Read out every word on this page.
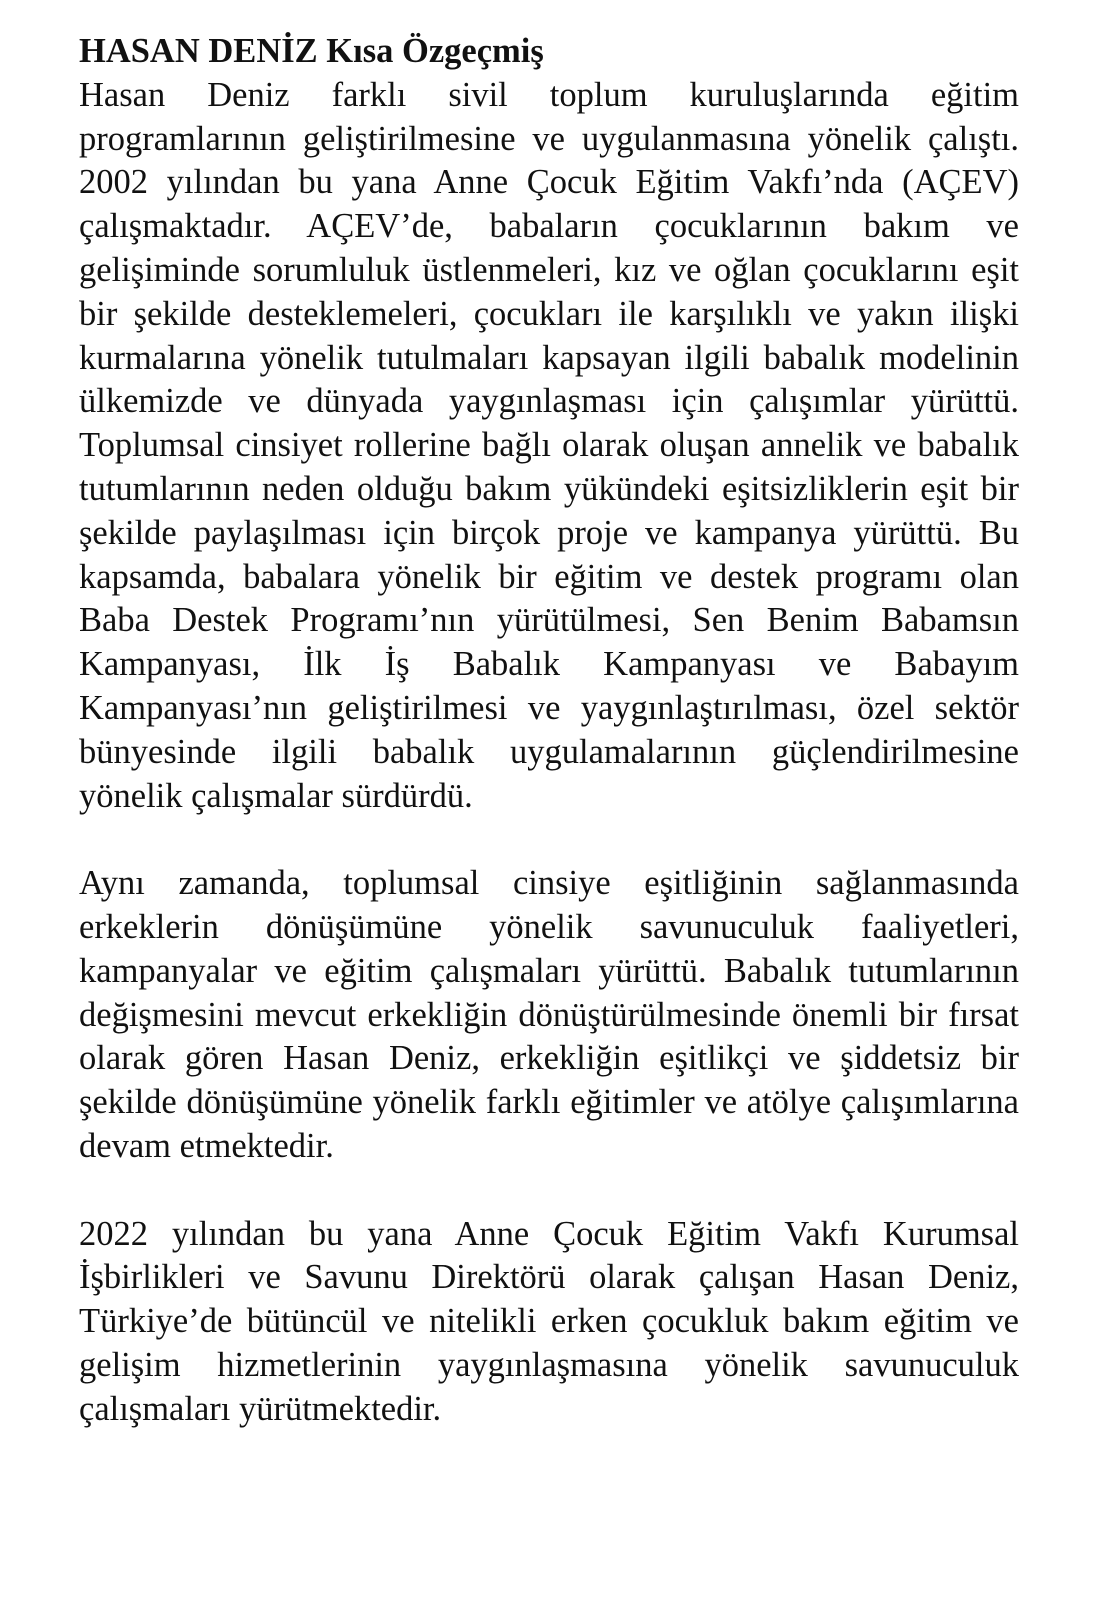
HASAN DENİZ Kısa Özgeçmiş

Hasan Deniz farklı sivil toplum kuruluşlarında eğitim programlarının geliştirilmesine ve uygulanmasına yönelik çalıştı. 2002 yılından bu yana Anne Çocuk Eğitim Vakfı’nda (AÇEV) çalışmaktadır. AÇEV’de, babaların çocuklarının bakım ve gelişiminde sorumluluk üstlenmeleri, kız ve oğlan çocuklarını eşit bir şekilde desteklemeleri, çocukları ile karşılıklı ve yakın ilişki kurmalarına yönelik tutulmaları kapsayan ilgili babalık modelinin ülkemizde ve dünyada yaygınlaşması için çalışımlar yürüttü. Toplumsal cinsiyet rollerine bağlı olarak oluşan annelik ve babalık tutumlarının neden olduğu bakım yükündeki eşitsizliklerin eşit bir şekilde paylaşılması için birçok proje ve kampanya yürüttü. Bu kapsamda, babalara yönelik bir eğitim ve destek programı olan Baba Destek Programı’nın yürütülmesi, Sen Benim Babamsın Kampanyası, İlk İş Babalık Kampanyası ve Babayım Kampanyası’nın geliştirilmesi ve yaygınlaştırılması, özel sektör bünyesinde ilgili babalık uygulamalarının güçlendirilmesine yönelik çalışmalar sürdürdü.

Aynı zamanda, toplumsal cinsiye eşitliğinin sağlanmasında erkeklerin dönüşümüne yönelik savunuculuk faaliyetleri, kampanyalar ve eğitim çalışmaları yürüttü. Babalık tutumlarının değişmesini mevcut erkekliğin dönüştürülmesinde önemli bir fırsat olarak gören Hasan Deniz, erkekliğin eşitlikçi ve şiddetsiz bir şekilde dönüşümüne yönelik farklı eğitimler ve atölye çalışımlarına devam etmektedir.

2022 yılından bu yana Anne Çocuk Eğitim Vakfı Kurumsal İşbirlikleri ve Savunu Direktörü olarak çalışan Hasan Deniz, Türkiye’de bütüncül ve nitelikli erken çocukluk bakım eğitim ve gelişim hizmetlerinin yaygınlaşmasına yönelik savunuculuk çalışmaları yürütmektedir.
